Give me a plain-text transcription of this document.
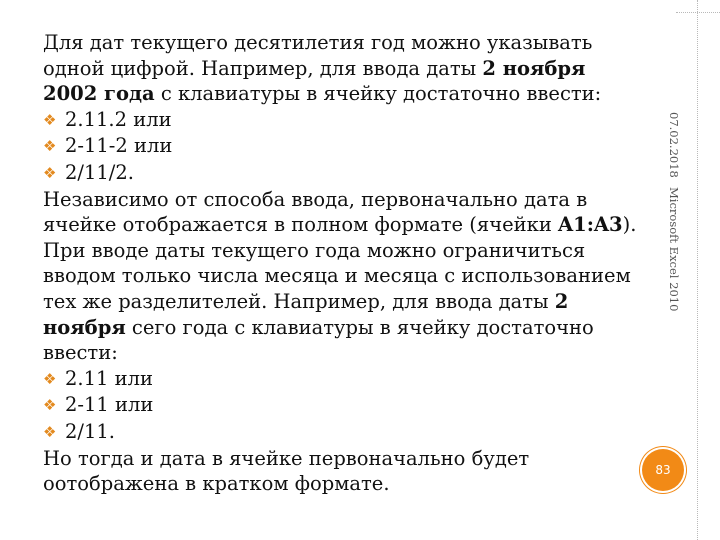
Для дат текущего десятилетия год можно указывать одной цифрой. Например, для ввода даты 2 ноября 2002 года с клавиатуры в ячейку достаточно ввести:

❖ 2.11.2 или

❖ 2-11-2 или

❖ 2/11/2.

Независимо от способа ввода, первоначально дата в ячейке отображается в полном формате (ячейки A1:A3).

При вводе даты текущего года можно ограничиться вводом только числа месяца и месяца с использованием тех же разделителей. Например, для ввода даты 2 ноября сего года с клавиатуры в ячейку достаточно ввести:

❖ 2.11 или

❖ 2-11 или

❖ 2/11.

Но тогда и дата в ячейке первоначально будет оотображена в кратком формате.

07.02.2018
Microsoft Excel 2010
83
